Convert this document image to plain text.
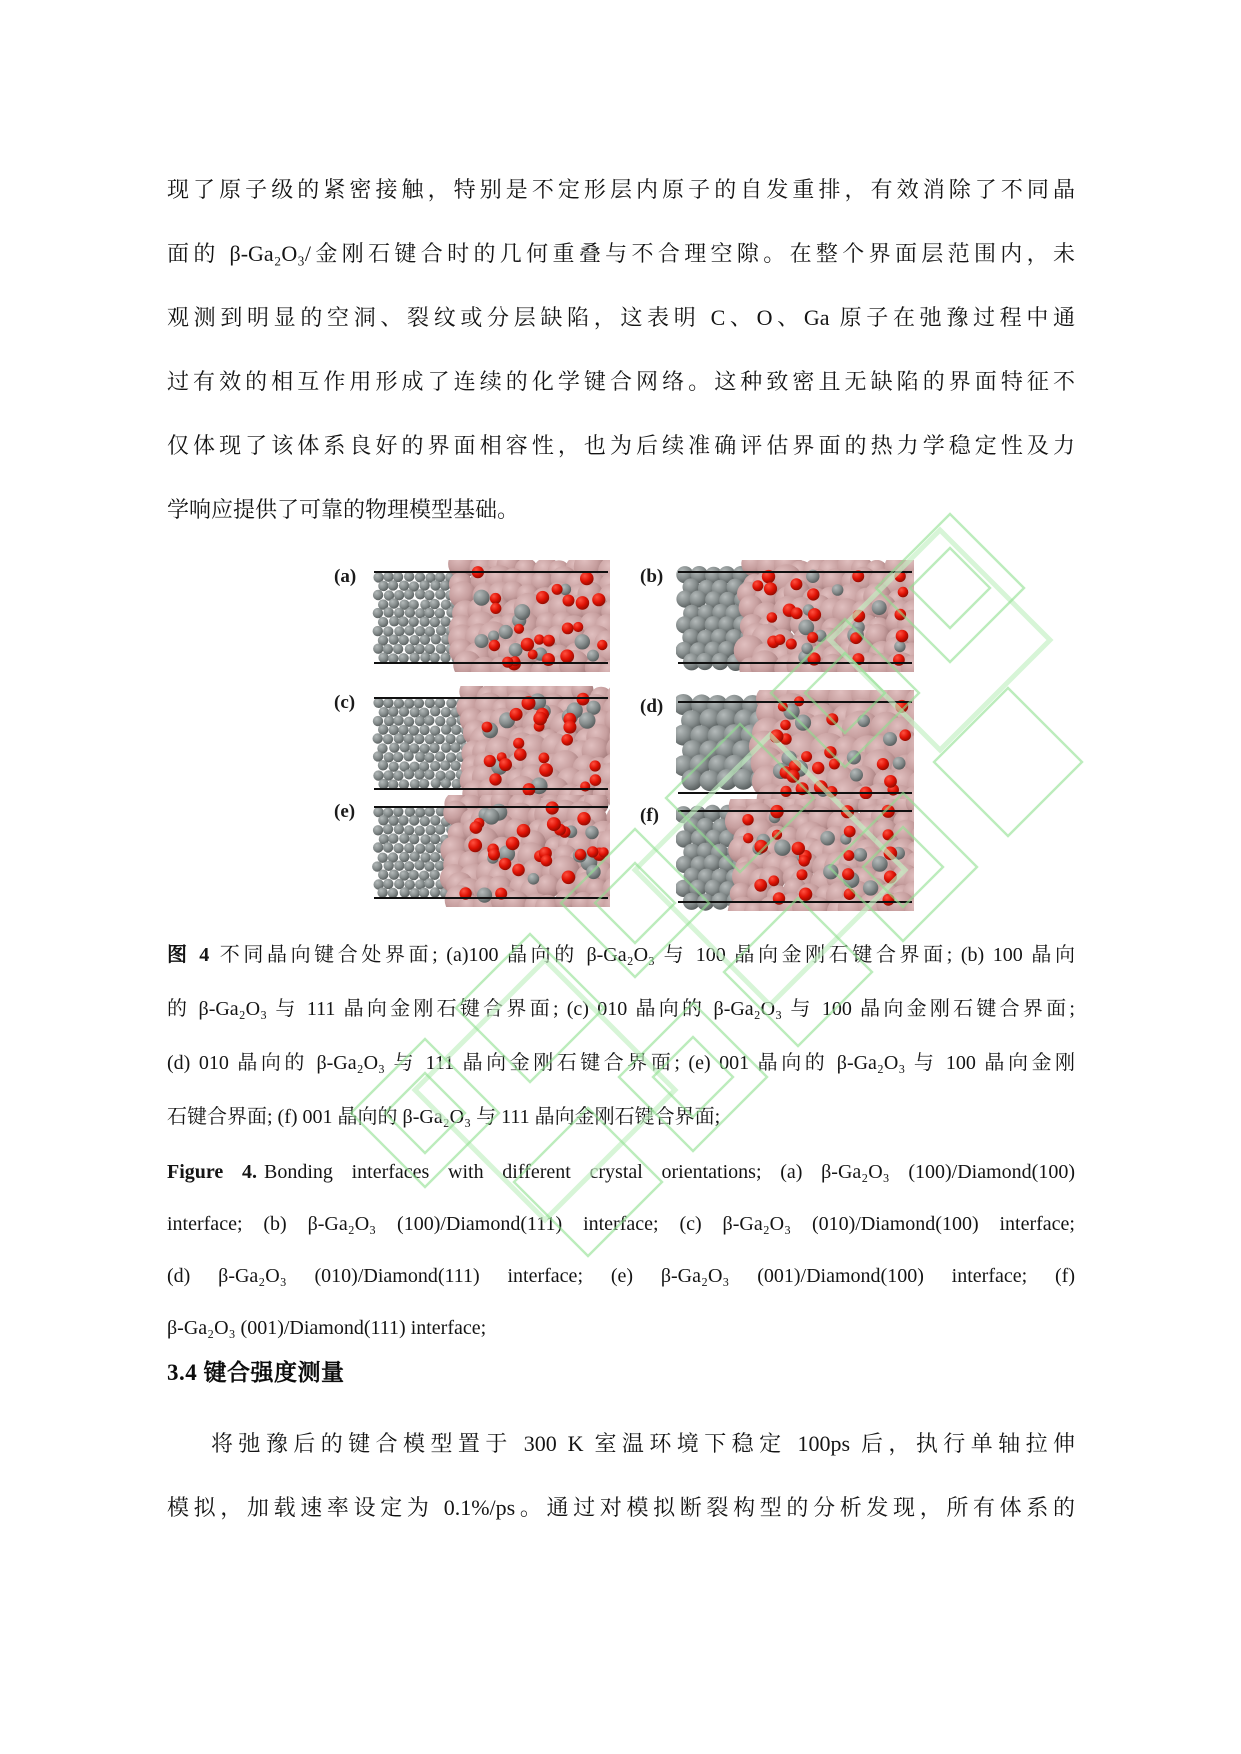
现了原子级的紧密接触，特别是不定形层内原子的自发重排，有效消除了不同晶
面的 β-Ga₂O₃/金刚石键合时的几何重叠与不合理空隙。在整个界面层范围内，未
观测到明显的空洞、裂纹或分层缺陷，这表明 C、O、Ga 原子在弛豫过程中通
过有效的相互作用形成了连续的化学键合网络。这种致密且无缺陷的界面特征不
仅体现了该体系良好的界面相容性，也为后续准确评估界面的热力学稳定性及力
学响应提供了可靠的物理模型基础。
(a)	(b)
(c)	(d)
(e)	(f)
图 4 不同晶向键合处界面; (a)100 晶向的 β-Ga₂O₃ 与 100 晶向金刚石键合界面; (b) 100 晶向
的 β-Ga₂O₃ 与 111 晶向金刚石键合界面; (c) 010 晶向的 β-Ga₂O₃ 与 100 晶向金刚石键合界面;
(d) 010 晶向的 β-Ga₂O₃ 与 111 晶向金刚石键合界面; (e) 001 晶向的 β-Ga₂O₃ 与 100 晶向金刚
石键合界面; (f) 001 晶向的 β-Ga₂O₃ 与 111 晶向金刚石键合界面;
Figure 4. Bonding interfaces with different crystal orientations; (a) β-Ga₂O₃ (100)/Diamond(100)
interface; (b) β-Ga₂O₃ (100)/Diamond(111) interface; (c) β-Ga₂O₃ (010)/Diamond(100) interface;
(d) β-Ga₂O₃ (010)/Diamond(111) interface; (e) β-Ga₂O₃ (001)/Diamond(100) interface; (f)
β-Ga₂O₃ (001)/Diamond(111) interface;
3.4 键合强度测量
将弛豫后的键合模型置于 300 K 室温环境下稳定 100ps 后，执行单轴拉伸
模拟，加载速率设定为 0.1%/ps。通过对模拟断裂构型的分析发现，所有体系的
